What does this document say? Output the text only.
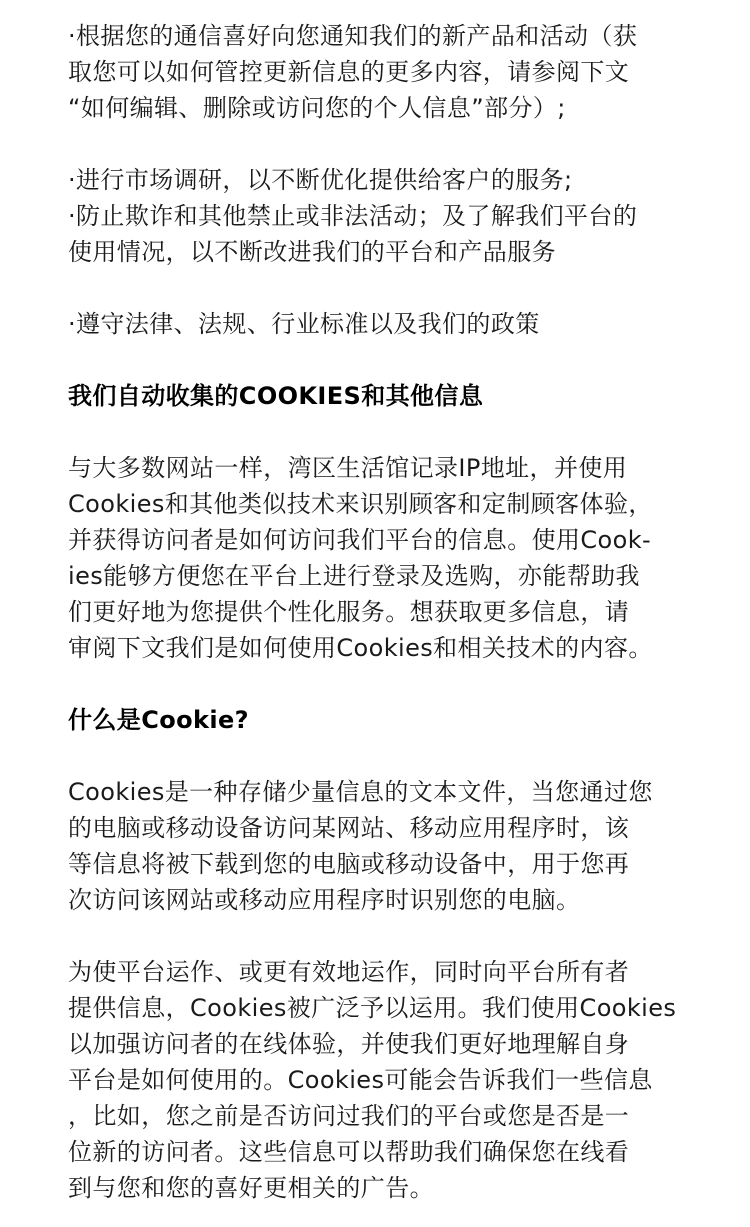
·根据您的通信喜好向您通知我们的新产品和活动（获
取您可以如何管控更新信息的更多内容，请参阅下文
“如何编辑、删除或访问您的个人信息”部分）;
·进行市场调研，以不断优化提供给客户的服务;
·防止欺诈和其他禁止或非法活动；及了解我们平台的
使用情况，以不断改进我们的平台和产品服务
·遵守法律、法规、行业标准以及我们的政策
我们自动收集的COOKIES和其他信息
与大多数网站一样，湾区生活馆记录IP地址，并使用
Cookies和其他类似技术来识别顾客和定制顾客体验，
并获得访问者是如何访问我们平台的信息。使用Cook-
ies能够方便您在平台上进行登录及选购，亦能帮助我
们更好地为您提供个性化服务。想获取更多信息，请
审阅下文我们是如何使用Cookies和相关技术的内容。
什么是Cookie?
Cookies是一种存储少量信息的文本文件，当您通过您
的电脑或移动设备访问某网站、移动应用程序时，该
等信息将被下载到您的电脑或移动设备中，用于您再
次访问该网站或移动应用程序时识别您的电脑。
为使平台运作、或更有效地运作，同时向平台所有者
提供信息，Cookies被广泛予以运用。我们使用Cookies
以加强访问者的在线体验，并使我们更好地理解自身
平台是如何使用的。Cookies可能会告诉我们一些信息
，比如，您之前是否访问过我们的平台或您是否是一
位新的访问者。这些信息可以帮助我们确保您在线看
到与您和您的喜好更相关的广告。
